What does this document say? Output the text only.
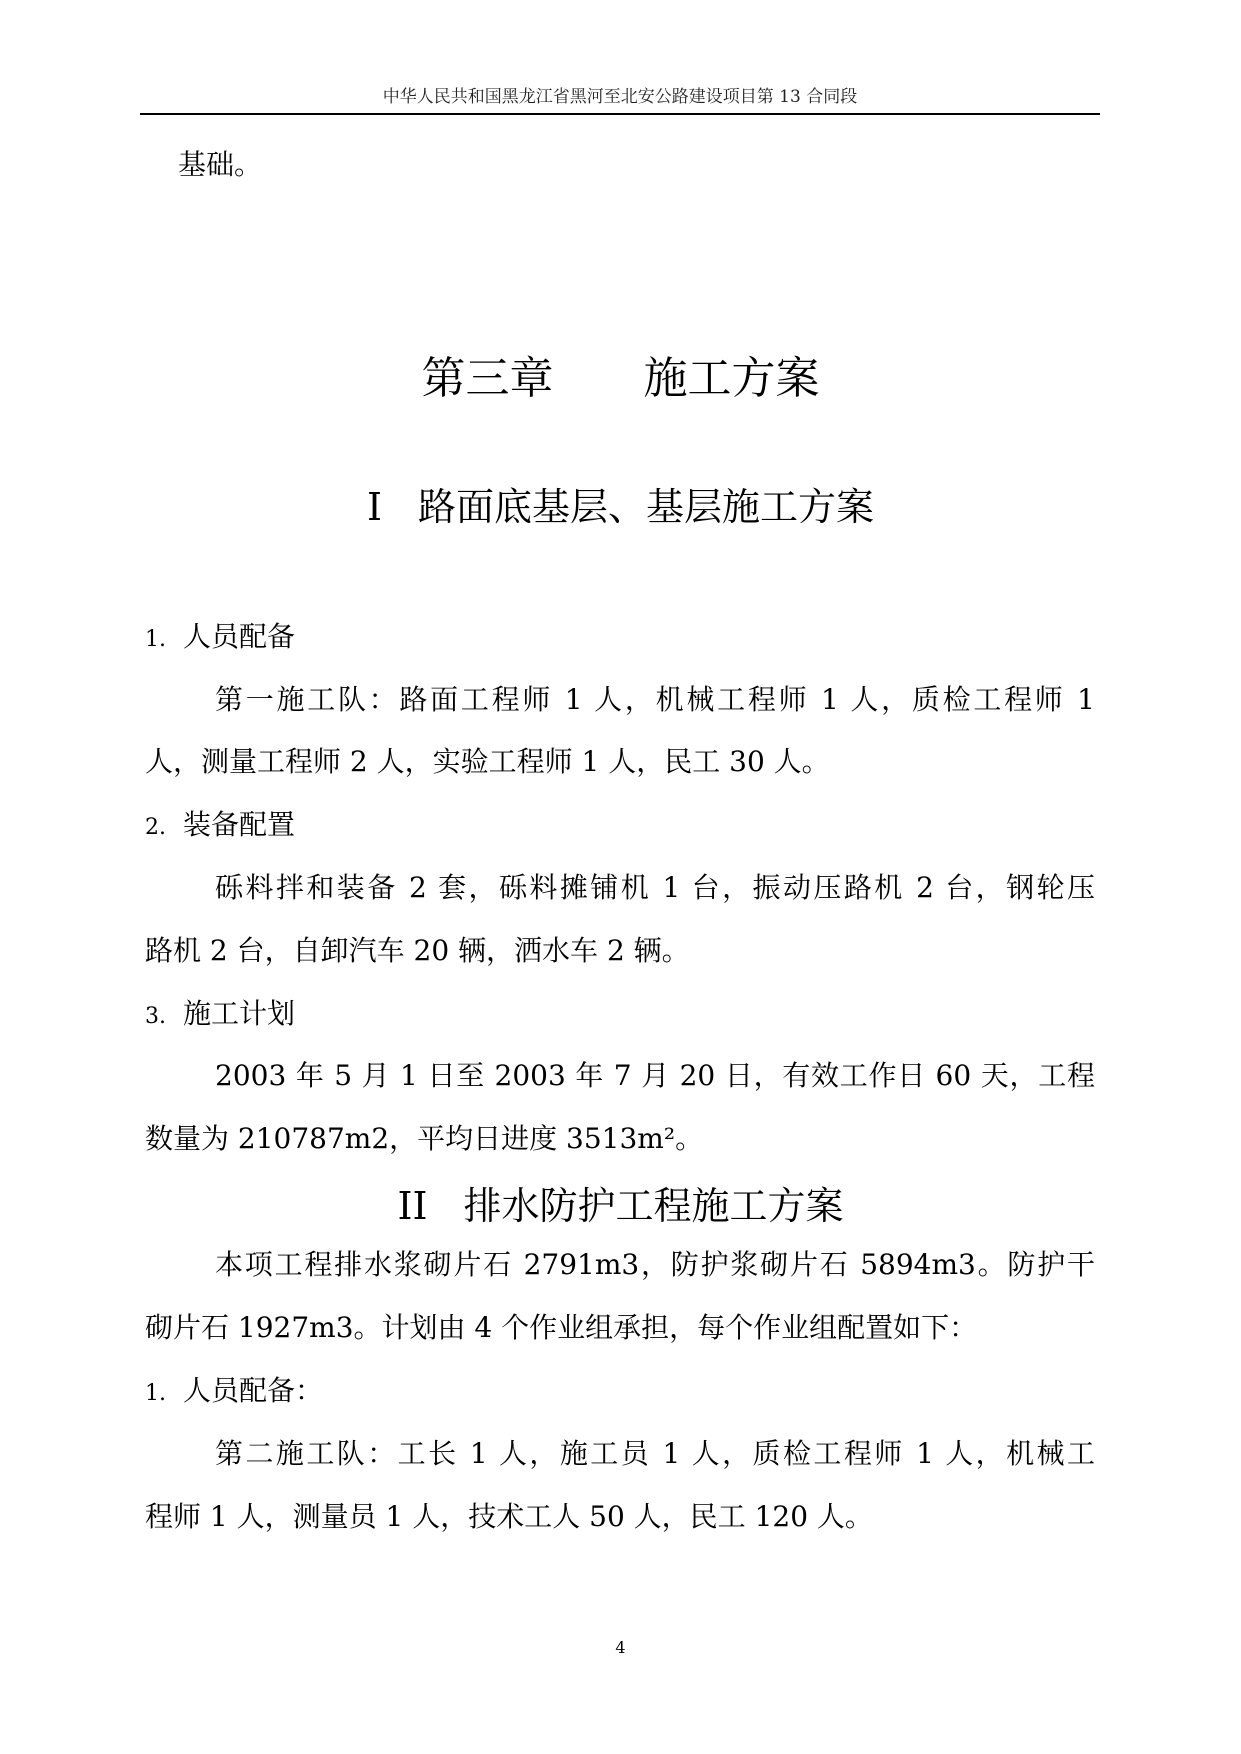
中华人民共和国黑龙江省黑河至北安公路建设项目第 13 合同段
基础。
第三章 施工方案
I 路面底基层、基层施工方案
1. 人员配备
第一施工队：路面工程师 1 人，机械工程师 1 人，质检工程师 1
人，测量工程师 2 人，实验工程师 1 人，民工 30 人。
2. 装备配置
砾料拌和装备 2 套，砾料摊铺机 1 台，振动压路机 2 台，钢轮压
路机 2 台，自卸汽车 20 辆，洒水车 2 辆。
3. 施工计划
2003 年 5 月 1 日至 2003 年 7 月 20 日，有效工作日 60 天，工程
数量为 210787m2，平均日进度 3513m²。
II 排水防护工程施工方案
本项工程排水浆砌片石 2791m3，防护浆砌片石 5894m3。防护干
砌片石 1927m3。计划由 4 个作业组承担，每个作业组配置如下：
1. 人员配备：
第二施工队：工长 1 人，施工员 1 人，质检工程师 1 人，机械工
程师 1 人，测量员 1 人，技术工人 50 人，民工 120 人。
4
